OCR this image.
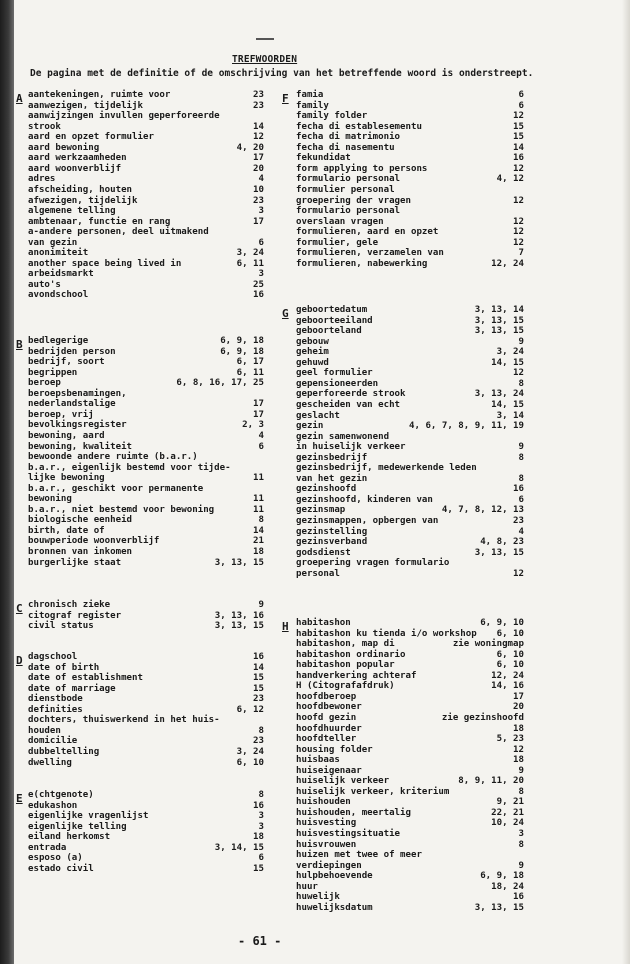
TREFWOORDEN
De pagina met de definitie of de omschrijving van het betreffende woord is onderstreept.
A aantekeningen, ruimte voor	23
aanwezigen, tijdelijk	23
aanwijzingen invullen geperforeerde
strook	14
aard en opzet formulier	12
aard bewoning	4, 20
aard werkzaamheden	17
aard woonverblijf	20
adres	4
afscheiding, houten	10
afwezigen, tijdelijk	23
algemene telling	3
ambtenaar, functie en rang	17
a-andere personen, deel uitmakend
van gezin	6
anonimiteit	3, 24
another space being lived in	6, 11
arbeidsmarkt	3
auto's	25
avondschool	16
B bedlegerige	6, 9, 18
bedrijden person	6, 9, 18
bedrijf, soort	6, 17
begrippen	6, 11
beroep	6, 8, 16, 17, 25
beroepsbenamingen,
nederlandstalige	17
beroep, vrij	17
bevolkingsregister	2, 3
bewoning, aard	4
bewoning, kwaliteit	6
bewoonde andere ruimte (b.a.r.)
b.a.r., eigenlijk bestemd voor tijde-
lijke bewoning	11
b.a.r., geschikt voor permanente
bewoning	11
b.a.r., niet bestemd voor bewoning	11
biologische eenheid	8
birth, date of	14
bouwperiode woonverblijf	21
bronnen van inkomen	18
burgerlijke staat	3, 13, 15
C chronisch zieke	9
citograf register	3, 13, 16
civil status	3, 13, 15
D dagschool	16
date of birth	14
date of establishment	15
date of marriage	15
dienstbode	23
definities	6, 12
dochters, thuiswerkend in het huis-
houden	8
domicilie	23
dubbeltelling	3, 24
dwelling	6, 10
E e(chtgenote)	8
edukashon	16
eigenlijke vragenlijst	3
eigenlijke telling	3
eiland herkomst	18
entrada	3, 14, 15
esposo (a)	6
estado civil	15
F famia	6
family	6
family folder	12
fecha di establesementu	15
fecha di matrimonio	15
fecha di nasementu	14
fekundidat	16
form applying to persons	12
formulario personal	4, 12
formulier personal
groepering der vragen	12
formulario personal
overslaan vragen	12
formulieren, aard en opzet	12
formulier, gele	12
formulieren, verzamelen van	7
formulieren, nabewerking	12, 24
G geboortedatum	3, 13, 14
geboorteeiland	3, 13, 15
geboorteland	3, 13, 15
gebouw	9
geheim	3, 24
gehuwd	14, 15
geel formulier	12
gepensioneerden	8
geperforeerde strook	3, 13, 24
gescheiden van echt	14, 15
geslacht	3, 14
gezin	4, 6, 7, 8, 9, 11, 19
gezin samenwonend
in huiselijk verkeer	9
gezinsbedrijf	8
gezinsbedrijf, medewerkende leden
van het gezin	8
gezinshoofd	16
gezinshoofd, kinderen van	6
gezinsmap	4, 7, 8, 12, 13
gezinsmappen, opbergen van	23
gezinstelling	4
gezinsverband	4, 8, 23
godsdienst	3, 13, 15
groepering vragen formulario
personal	12
H habitashon	6, 9, 10
habitashon ku tienda i/o workshop 6, 10
habitashon, map di	zie woningmap
habitashon ordinario	6, 10
habitashon popular	6, 10
handverkering achteraf	12, 24
H (Citografafdruk)	14, 16
hoofdberoep	17
hoofdbewoner	20
hoofd gezin	zie gezinshoofd
hoofdhuurder	18
hoofdteller	5, 23
housing folder	12
huisbaas	18
huiseigenaar	9
huiselijk verkeer	8, 9, 11, 20
huiselijk verkeer, kriterium	8
huishouden	9, 21
huishouden, meertalig	22, 21
huisvesting	10, 24
huisvestingsituatie	3
huisvrouwen	8
huizen met twee of meer
verdiepingen	9
hulpbehoevende	6, 9, 18
huur	18, 24
huwelijk	16
huwelijksdatum	3, 13, 15
- 61 -
